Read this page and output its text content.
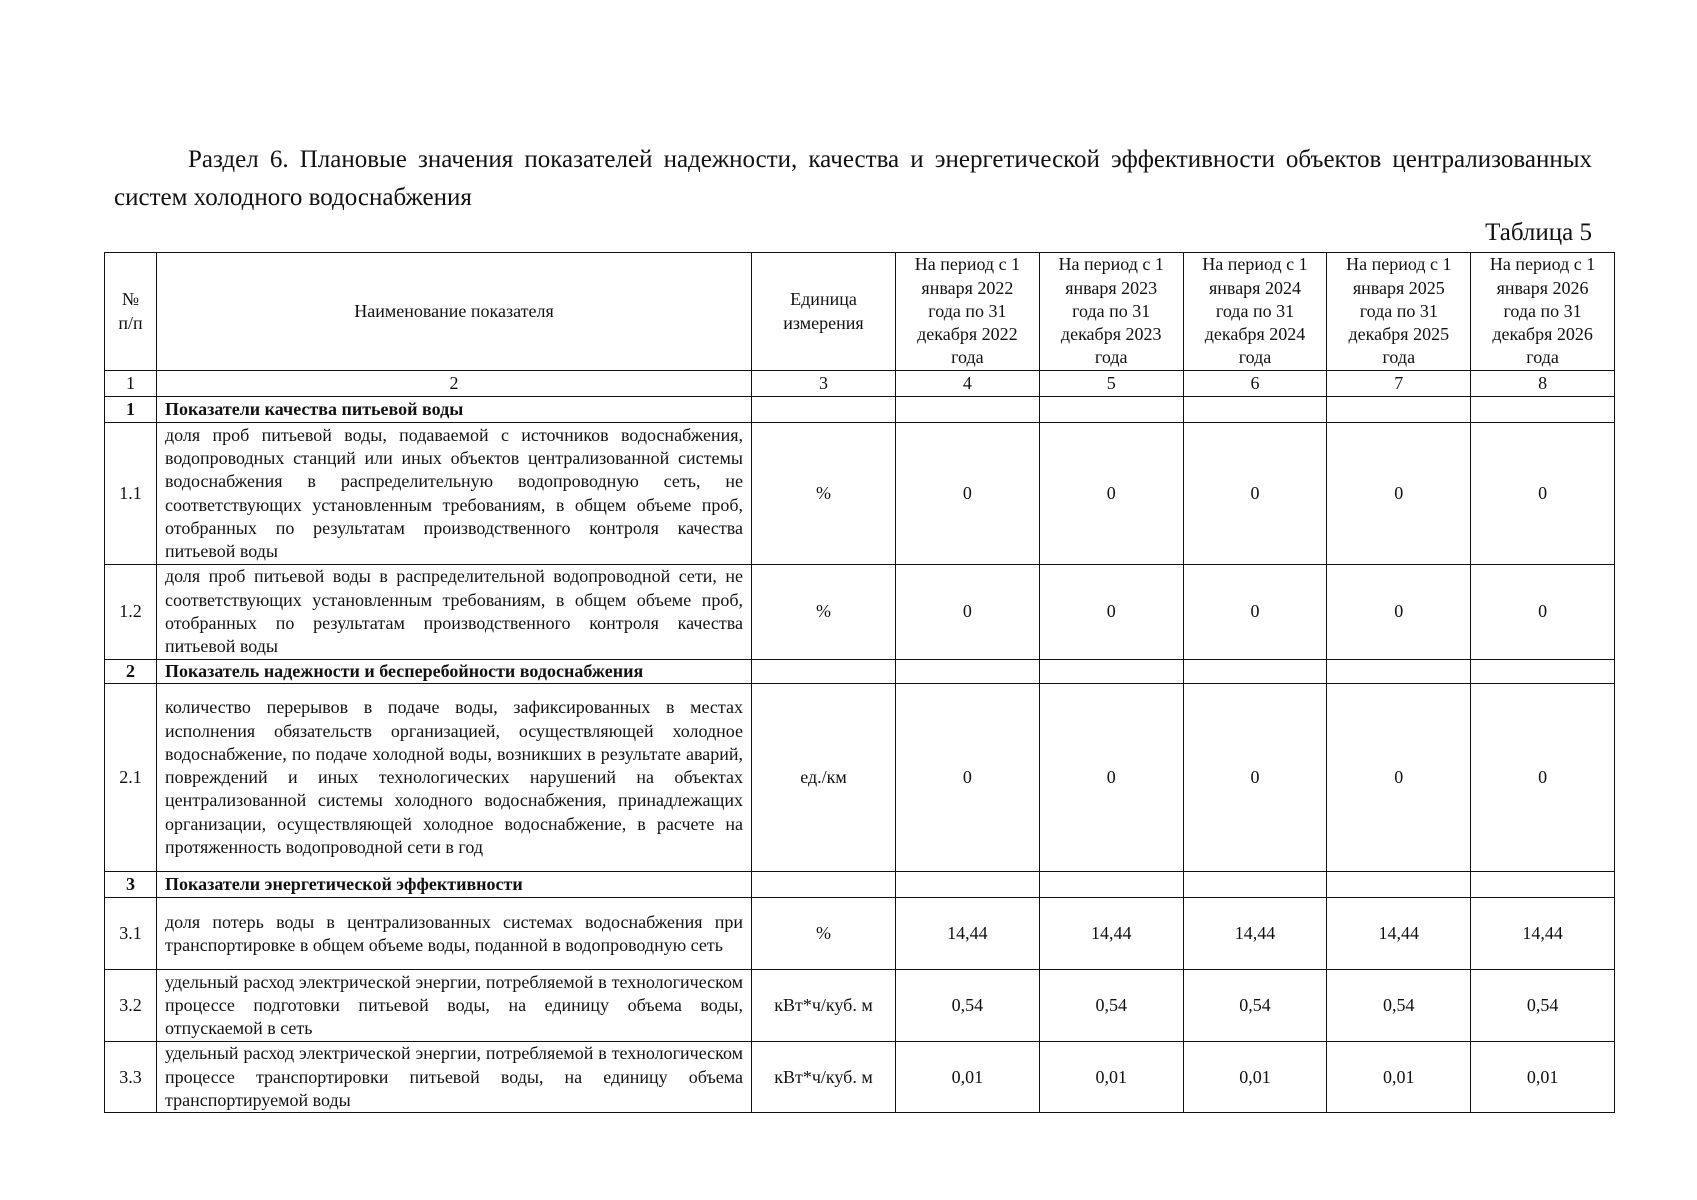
Раздел 6. Плановые значения показателей надежности, качества и энергетической эффективности объектов централизованных систем холодного водоснабжения

Таблица 5
№ п/п	Наименование показателя	Единица измерения	На период с 1 января 2022 года по 31 декабря 2022 года	На период с 1 января 2023 года по 31 декабря 2023 года	На период с 1 января 2024 года по 31 декабря 2024 года	На период с 1 января 2025 года по 31 декабря 2025 года	На период с 1 января 2026 года по 31 декабря 2026 года
1	2	3	4	5	6	7	8
1	Показатели качества питьевой воды						
1.1	доля проб питьевой воды, подаваемой с источников водоснабжения, водопроводных станций или иных объектов централизованной системы водоснабжения в распределительную водопроводную сеть, не соответствующих установленным требованиям, в общем объеме проб, отобранных по результатам производственного контроля качества питьевой воды	%	0	0	0	0	0
1.2	доля проб питьевой воды в распределительной водопроводной сети, не соответствующих установленным требованиям, в общем объеме проб, отобранных по результатам производственного контроля качества питьевой воды	%	0	0	0	0	0
2	Показатель надежности и бесперебойности водоснабжения						
2.1	количество перерывов в подаче воды, зафиксированных в местах исполнения обязательств организацией, осуществляющей холодное водоснабжение, по подаче холодной воды, возникших в результате аварий, повреждений и иных технологических нарушений на объектах централизованной системы холодного водоснабжения, принадлежащих организации, осуществляющей холодное водоснабжение, в расчете на протяженность водопроводной сети в год	ед./км	0	0	0	0	0
3	Показатели энергетической эффективности						
3.1	доля потерь воды в централизованных системах водоснабжения при транспортировке в общем объеме воды, поданной в водопроводную сеть	%	14,44	14,44	14,44	14,44	14,44
3.2	удельный расход электрической энергии, потребляемой в технологическом процессе подготовки питьевой воды, на единицу объема воды, отпускаемой в сеть	кВт*ч/куб. м	0,54	0,54	0,54	0,54	0,54
3.3	удельный расход электрической энергии, потребляемой в технологическом процессе транспортировки питьевой воды, на единицу объема транспортируемой воды	кВт*ч/куб. м	0,01	0,01	0,01	0,01	0,01
